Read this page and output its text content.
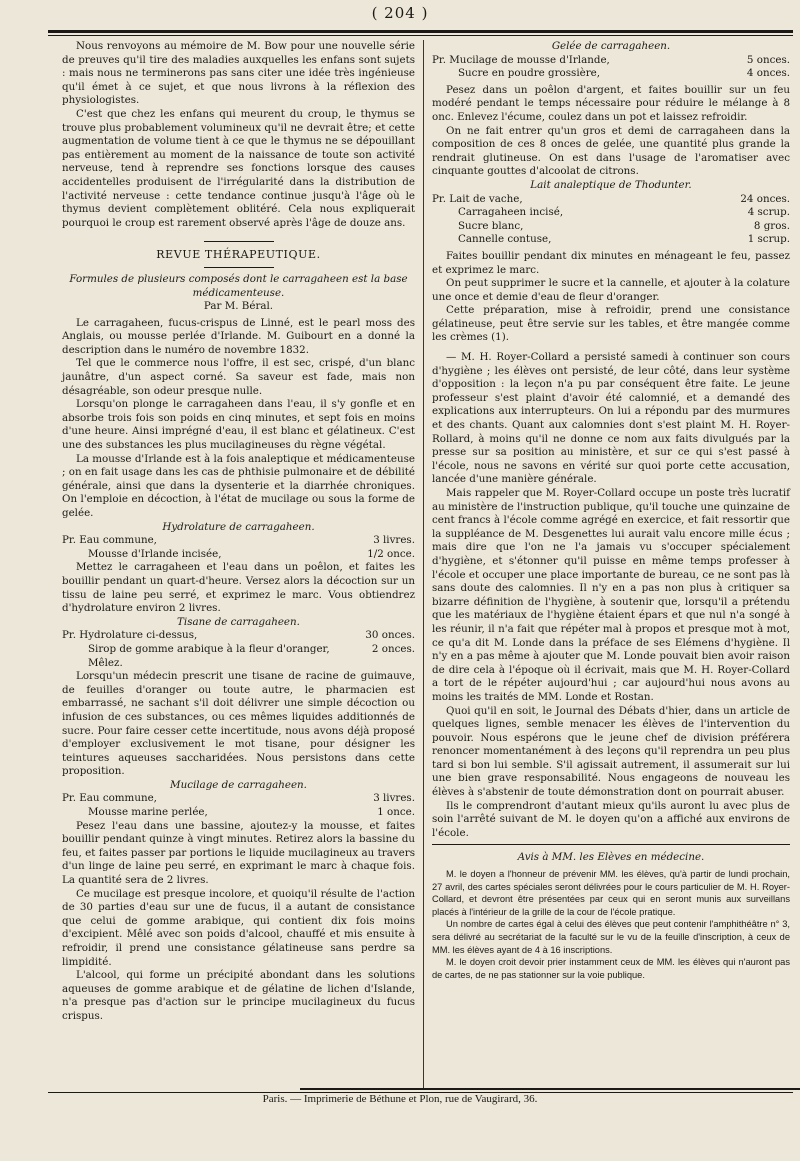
( 204 )

Nous renvoyons au mémoire de M. Bow pour une nouvelle série de preuves qu'il tire des maladies auxquelles les enfans sont sujets : mais nous ne terminerons pas sans citer une idée très ingénieuse qu'il émet à ce sujet, et que nous livrons à la réflexion des physiologistes.

C'est que chez les enfans qui meurent du croup, le thymus se trouve plus probablement volumineux qu'il ne devrait être; et cette augmentation de volume tient à ce que le thymus ne se dépouillant pas entièrement au moment de la naissance de toute son activité nerveuse, tend à reprendre ses fonctions lorsque des causes accidentelles produisent de l'irrégularité dans la distribution de l'activité nerveuse : cette tendance continue jusqu'à l'âge où le thymus devient complètement oblitéré. Cela nous expliquerait pourquoi le croup est rarement observé après l'âge de douze ans.

REVUE THÉRAPEUTIQUE.

Formules de plusieurs composés dont le carragaheen est la base médicamenteuse.

Par M. Béral.

Le carragaheen, fucus-crispus de Linné, est le pearl moss des Anglais, ou mousse perlée d'Irlande. M. Guibourt en a donné la description dans le numéro de novembre 1832.

Tel que le commerce nous l'offre, il est sec, crispé, d'un blanc jaunâtre, d'un aspect corné. Sa saveur est fade, mais non désagréable, son odeur presque nulle.

Lorsqu'on plonge le carragaheen dans l'eau, il s'y gonfle et en absorbe trois fois son poids en cinq minutes, et sept fois en moins d'une heure. Ainsi imprégné d'eau, il est blanc et gélatineux. C'est une des substances les plus mucilagineuses du règne végétal.

La mousse d'Irlande est à la fois analeptique et médicamenteuse ; on en fait usage dans les cas de phthisie pulmonaire et de débilité générale, ainsi que dans la dysenterie et la diarrhée chroniques. On l'emploie en décoction, à l'état de mucilage ou sous la forme de gelée.

Hydrolature de carragaheen.

Pr. Eau commune,	3 livres.
Mousse d'Irlande incisée,	1/2 once.

Mettez le carragaheen et l'eau dans un poêlon, et faites les bouillir pendant un quart-d'heure. Versez alors la décoction sur un tissu de laine peu serré, et exprimez le marc. Vous obtiendrez d'hydrolature environ 2 livres.

Tisane de carragaheen.

Pr. Hydrolature ci-dessus,	30 onces.
Sirop de gomme arabique à la fleur d'oranger,	2 onces.

Mêlez.

Lorsqu'un médecin prescrit une tisane de racine de guimauve, de feuilles d'oranger ou toute autre, le pharmacien est embarrassé, ne sachant s'il doit délivrer une simple décoction ou infusion de ces substances, ou ces mêmes liquides additionnés de sucre. Pour faire cesser cette incertitude, nous avons déjà proposé d'employer exclusivement le mot tisane, pour désigner les teintures aqueuses saccharidées. Nous persistons dans cette proposition.

Mucilage de carragaheen.

Pr. Eau commune,	3 livres.
Mousse marine perlée,	1 once.

Pesez l'eau dans une bassine, ajoutez-y la mousse, et faites bouillir pendant quinze à vingt minutes. Retirez alors la bassine du feu, et faites passer par portions le liquide mucilagineux au travers d'un linge de laine peu serré, en exprimant le marc à chaque fois. La quantité sera de 2 livres.

Ce mucilage est presque incolore, et quoiqu'il résulte de l'action de 30 parties d'eau sur une de fucus, il a autant de consistance que celui de gomme arabique, qui contient dix fois moins d'excipient. Mêlé avec son poids d'alcool, chauffé et mis ensuite à refroidir, il prend une consistance gélatineuse sans perdre sa limpidité.

L'alcool, qui forme un précipité abondant dans les solutions aqueuses de gomme arabique et de gélatine de lichen d'Islande, n'a presque pas d'action sur le principe mucilagineux du fucus crispus.

Gelée de carragaheen.

Pr. Mucilage de mousse d'Irlande,	5 onces.
Sucre en poudre grossière,	4 onces.

Pesez dans un poêlon d'argent, et faites bouillir sur un feu modéré pendant le temps nécessaire pour réduire le mélange à 8 onc. Enlevez l'écume, coulez dans un pot et laissez refroidir.

On ne fait entrer qu'un gros et demi de carragaheen dans la composition de ces 8 onces de gelée, une quantité plus grande la rendrait glutineuse. On est dans l'usage de l'aromatiser avec cinquante gouttes d'alcoolat de citrons.

Lait analeptique de Thodunter.

Pr. Lait de vache,	24 onces.
Carragaheen incisé,	4 scrup.
Sucre blanc,	8 gros.
Cannelle contuse,	1 scrup.

Faites bouillir pendant dix minutes en ménageant le feu, passez et exprimez le marc.

On peut supprimer le sucre et la cannelle, et ajouter à la colature une once et demie d'eau de fleur d'oranger.

Cette préparation, mise à refroidir, prend une consistance gélatineuse, peut être servie sur les tables, et être mangée comme les crèmes (1).

— M. H. Royer-Collard a persisté samedi à continuer son cours d'hygiène ; les élèves ont persisté, de leur côté, dans leur système d'opposition : la leçon n'a pu par conséquent être faite. Le jeune professeur s'est plaint d'avoir été calomnié, et a demandé des explications aux interrupteurs. On lui a répondu par des murmures et des chants. Quant aux calomnies dont s'est plaint M. H. Royer-Rollard, à moins qu'il ne donne ce nom aux faits divulgués par la presse sur sa position au ministère, et sur ce qui s'est passé à l'école, nous ne savons en vérité sur quoi porte cette accusation, lancée d'une manière générale.

Mais rappeler que M. Royer-Collard occupe un poste très lucratif au ministère de l'instruction publique, qu'il touche une quinzaine de cent francs à l'école comme agrégé en exercice, et fait ressortir que la suppléance de M. Desgenettes lui aurait valu encore mille écus ; mais dire que l'on ne l'a jamais vu s'occuper spécialement d'hygiène, et s'étonner qu'il puisse en même temps professer à l'école et occuper une place importante de bureau, ce ne sont pas là sans doute des calomnies. Il n'y en a pas non plus à critiquer sa bizarre définition de l'hygiène, à soutenir que, lorsqu'il a prétendu que les matériaux de l'hygiène étaient épars et que nul n'a songé à les réunir, il n'a fait que répéter mal à propos et presque mot à mot, ce qu'a dit M. Londe dans la préface de ses Elémens d'hygiène. Il n'y en a pas même à ajouter que M. Londe pouvait bien avoir raison de dire cela à l'époque où il écrivait, mais que M. H. Royer-Collard a tort de le répéter aujourd'hui ; car aujourd'hui nous avons au moins les traités de MM. Londe et Rostan.

Quoi qu'il en soit, le Journal des Débats d'hier, dans un article de quelques lignes, semble menacer les élèves de l'intervention du pouvoir. Nous espérons que le jeune chef de division préférera renoncer momentanément à des leçons qu'il reprendra un peu plus tard si bon lui semble. S'il agissait autrement, il assumerait sur lui une bien grave responsabilité. Nous engageons de nouveau les élèves à s'abstenir de toute démonstration dont on pourrait abuser.

Ils le comprendront d'autant mieux qu'ils auront lu avec plus de soin l'arrêté suivant de M. le doyen qu'on a affiché aux environs de l'école.

Avis à MM. les Elèves en médecine.

M. le doyen a l'honneur de prévenir MM. les élèves, qu'à partir de lundi prochain, 27 avril, des cartes spéciales seront délivrées pour le cours particulier de M. H. Royer-Collard, et devront être présentées par ceux qui en seront munis aux surveillans placés à l'intérieur de la grille de la cour de l'école pratique.

Un nombre de cartes égal à celui des élèves que peut contenir l'amphithéâtre n° 3, sera délivré au secrétariat de la faculté sur le vu de la feuille d'inscription, à ceux de MM. les élèves ayant de 4 à 16 inscriptions.

M. le doyen croit devoir prier instamment ceux de MM. les élèves qui n'auront pas de cartes, de ne pas stationner sur la voie publique.

Paris. — Imprimerie de Béthune et Plon, rue de Vaugirard, 36.
